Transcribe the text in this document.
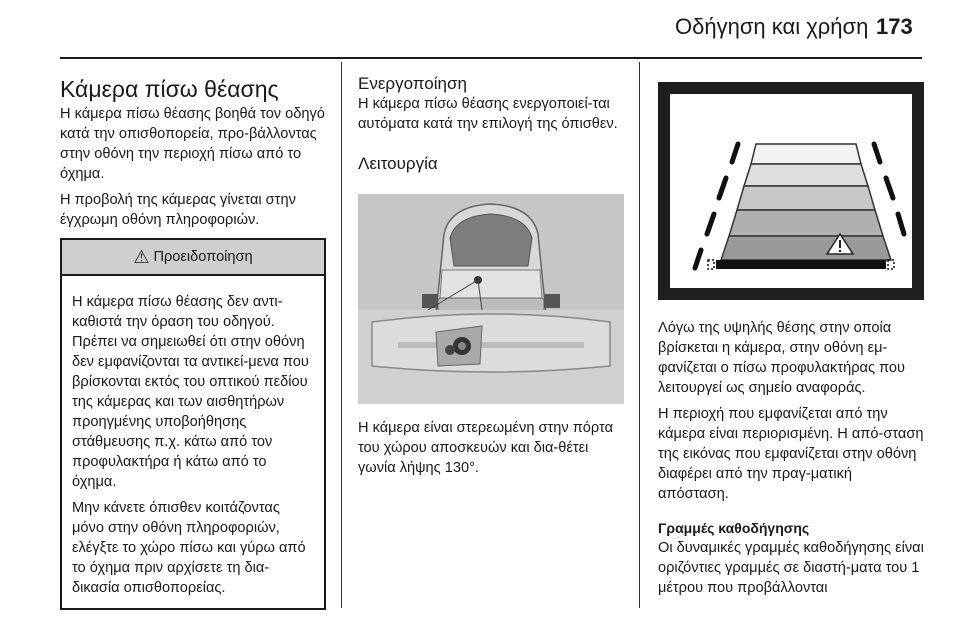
Οδήγηση και χρήση 173
Κάμερα πίσω θέασης

Η κάμερα πίσω θέασης βοηθά τον οδηγό κατά την οπισθοπορεία, προ-βάλλοντας στην οθόνη την περιοχή πίσω από το όχημα.

Η προβολή της κάμερας γίνεται στην έγχρωμη οθόνη πληροφοριών.

⚠ Προειδοποίηση

Η κάμερα πίσω θέασης δεν αντι-καθιστά την όραση του οδηγού. Πρέπει να σημειωθεί ότι στην οθόνη δεν εμφανίζονται τα αντικεί-μενα που βρίσκονται εκτός του οπτικού πεδίου της κάμερας και των αισθητήρων προηγμένης υποβοήθησης στάθμευσης π.χ. κάτω από τον προφυλακτήρα ή κάτω από το όχημα.

Μην κάνετε όπισθεν κοιτάζοντας μόνο στην οθόνη πληροφοριών, ελέγξτε το χώρο πίσω και γύρω από το όχημα πριν αρχίσετε τη δια-δικασία οπισθοπορείας.

Ενεργοποίηση

Η κάμερα πίσω θέασης ενεργοποιεί-ται αυτόματα κατά την επιλογή της όπισθεν.

Λειτουργία

Η κάμερα είναι στερεωμένη στην πόρτα του χώρου αποσκευών και δια-θέτει γωνία λήψης 130°.

Λόγω της υψηλής θέσης στην οποία βρίσκεται η κάμερα, στην οθόνη εμ-φανίζεται ο πίσω προφυλακτήρας που λειτουργεί ως σημείο αναφοράς.

Η περιοχή που εμφανίζεται από την κάμερα είναι περιορισμένη. Η από-σταση της εικόνας που εμφανίζεται στην οθόνη διαφέρει από την πραγ-ματική απόσταση.

Γραμμές καθοδήγησης

Οι δυναμικές γραμμές καθοδήγησης είναι οριζόντιες γραμμές σε διαστή-ματα του 1 μέτρου που προβάλλονται
